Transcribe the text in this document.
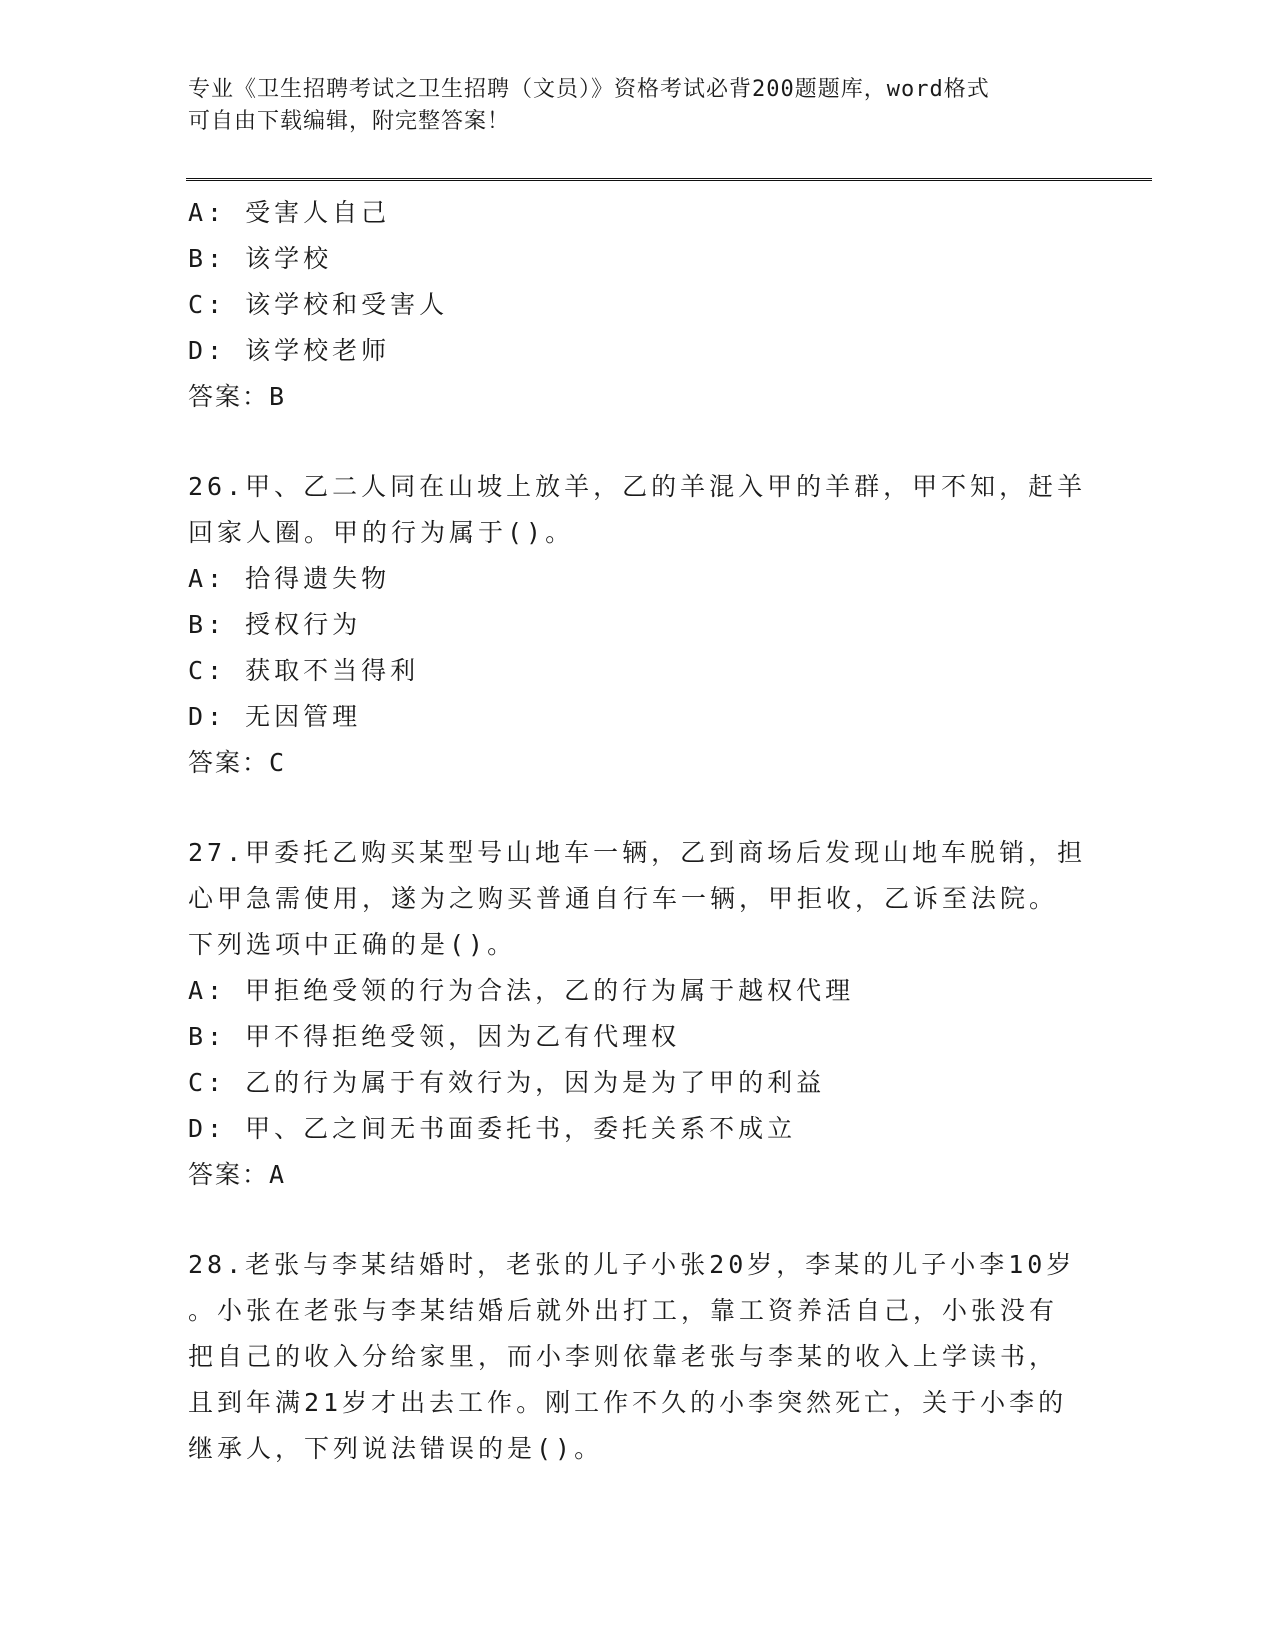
专业《卫生招聘考试之卫生招聘（文员）》资格考试必背200题题库，word格式
可自由下载编辑，附完整答案！
A: 受害人自己
B: 该学校
C: 该学校和受害人
D: 该学校老师
答案：B
26.甲、乙二人同在山坡上放羊，乙的羊混入甲的羊群，甲不知，赶羊
回家人圈。甲的行为属于()。
A: 拾得遗失物
B: 授权行为
C: 获取不当得利
D: 无因管理
答案：C
27.甲委托乙购买某型号山地车一辆，乙到商场后发现山地车脱销，担
心甲急需使用，遂为之购买普通自行车一辆，甲拒收，乙诉至法院。
下列选项中正确的是()。
A: 甲拒绝受领的行为合法，乙的行为属于越权代理
B: 甲不得拒绝受领，因为乙有代理权
C: 乙的行为属于有效行为，因为是为了甲的利益
D: 甲、乙之间无书面委托书，委托关系不成立
答案：A
28.老张与李某结婚时，老张的儿子小张20岁，李某的儿子小李10岁
。小张在老张与李某结婚后就外出打工，靠工资养活自己，小张没有
把自己的收入分给家里，而小李则依靠老张与李某的收入上学读书，
且到年满21岁才出去工作。刚工作不久的小李突然死亡，关于小李的
继承人，下列说法错误的是()。
